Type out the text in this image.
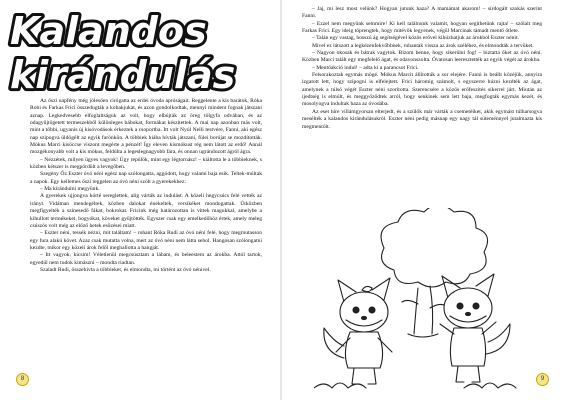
Kalandos
kirándulás

Az őszi napfény még jólesően cirógatta az erdei óvoda apróságait. Reggelente a kis barátok, Róka Robi és Farkas Frici összedugták a kobakjukat, és azon gondolkodtak, mennyi mindent fognak játszani aznap. Legkedvesebb elfoglaltságuk az volt, hogy elbújták az öreg tölgyfa odvában, és az odagyűjtögetett termeszekből különleges bábokat, formákat készítettek. A mai nap azonban más volt, mint a többi, ugyanis új kisóvodások érkeztek a csoportba. Itt volt Nyúl Nelli testvére, Fanni, aki egész nap szipogva üldögélt az egyik farönkön. A többiek hiába hívták játszani, fülei borújat se mozdították. Mókus Marci kisöccse viszont megérte a pénzét! Így eleven kismókust rég nem látott az erdő! Annál mozgékonyabb volt a kis mókus, feldúlta a legeslegnagyobb fára, és onnan ugrándozott ágról ágra.

– Nézzétek, milyen ügyes vagyok! Úgy repülök, mint egy légtornász! – kiáltotta le a többieknek, s közben kétszer is megpördült a levegőben.

Szegény Őz Eszter óvó néni egész nap szólongatta, aggódott, hogy valami baja esik. Teltek-múltak a napok. Egy kellemes őszi reggelen az óvó néni szólt a gyerekekhez:

– Ma kirándulni megyünk.

A gyerekek ujjongva kórté sereglettek, alig várták az indulást. A közeli hegycsúcs felé vették az irányt. Vidáman mendegéltek, közben dalokat énekeltek, versikéket mondogattak. Útközben megfigyelték a színesedő fákat, bokrokat. Fricink még határozottan is vittek magukkal, amelybe a kihullott termékeket, bogyókat, köveket gyűjtötték. Egyszer csak egy emelkedőhöz értek, amely meleg csúszós volt még az előző hetek esőzései miatt.

– Eszter néni, tessék nézni, mit találtam! – rohant Róka Rudi az óvó néni felé, hogy megmutasson egy fura alakú követ. Azaz csak mutatta volna, mert az óvó néni nem látta sehol. Hangosan szólongatni kezdte, mikor egy közeli árok felől meghallotta a hangját.

– Itt vagyok, kicsim! Véletlenül megcsúsztam a lábam, és beleestem az árokba. Attól tartok, egyedül nem tudok kimászni – mondta riadtan.

Szaladt Rudi, összehívta a többieket, és elmondta, mi történt az óvó nénivel.

8

– Jaj, mi lesz most velünk? Hogyan jutunk haza? A mamámat akarom! – sírdogált szokás szerint Fanni.

– Ezzel nem megyünk semmire! Ki kell találnunk valamit, hogyan segíthetünk rajta! – szólalt meg Farkas Frici. Egy ideig töprengtek, hogy mitévők legyenek, végül Marcinak támadt mentő ötlete.

– Talán egy vastag, hosszú ág segítségével közös erővel kihúzhatjuk az árokból Eszter nénit.

Mivel ez látszott a legkézenfekvőbbnek, rohantak vissza az árok széléhez, és elmondták a tervüket.

– Nagyon okosak és bátrak vagytok. Bízom benne, hogy sikerülni fog! – biztatta őket az óvó néni. Közben Marci talált egy megfelelő ágat, és odavonszolta. Óvatosan leeresztették az egyik végét az árokba.

– Mentőakció indul! – adta ki a parancsot Frici.

Felsorakoztak egymás mögé. Mókus Marcit állították a sor elejére. Fanni is beállt közéjük, annyira izgatott lett, hogy szipogni is elfelejtett. Frici háromig számolt, s egyszerre húzni kezdték az ágat, amelynek a túlsó végét Eszter néni szorította. Szerencsére a közös erőfeszítés sikerrel járt. Miután az ijedtség is elmúlt, és meggyőződtek arról, hogy senkinek sem lett baja, megfogták egymás kezét, és mosolyogva indultak haza az óvodába.

Az eset híre villámgyorsan elterjedt, és a szülők már várták a csemetéiket, akik egymást túlharsogva mesélték a kalandos kirándulásukról. Eszter néni pedig másnap egy nagy tál süteménnyel jutalmazta kis megmentőit.

9
